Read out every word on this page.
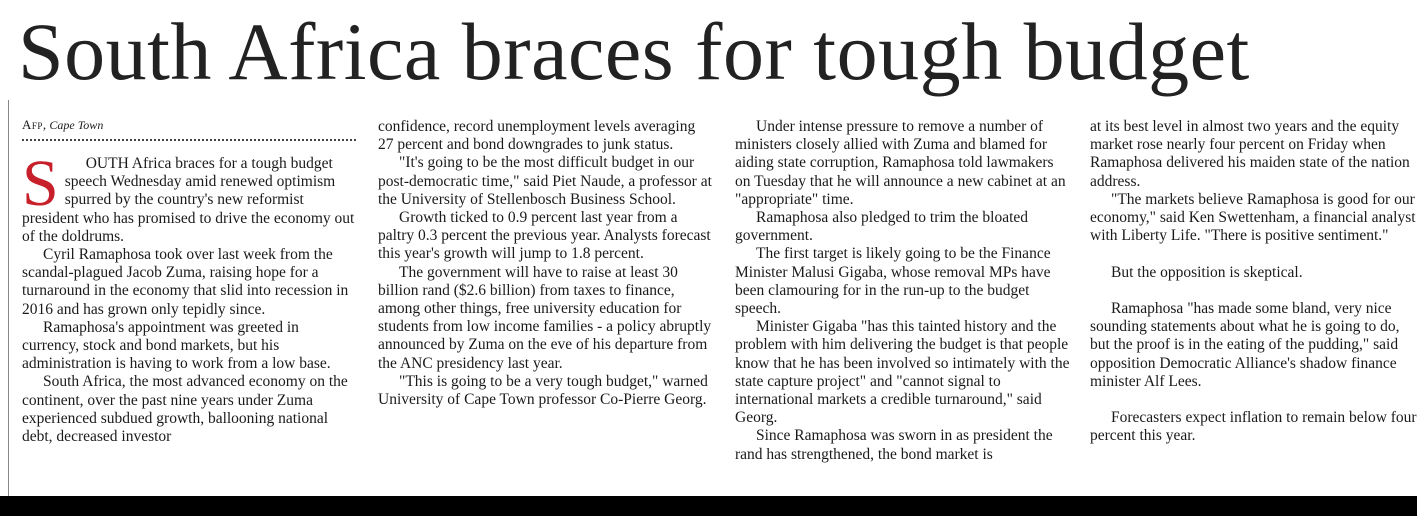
South Africa braces for tough budget
Afp, Cape Town

S OUTH Africa braces for a tough budget speech Wednesday amid renewed optimism spurred by the country's new reformist president who has promised to drive the economy out of the doldrums.

Cyril Ramaphosa took over last week from the scandal-plagued Jacob Zuma, raising hope for a turnaround in the economy that slid into recession in 2016 and has grown only tepidly since.

Ramaphosa's appointment was greeted in currency, stock and bond markets, but his administration is having to work from a low base.

South Africa, the most advanced economy on the continent, over the past nine years under Zuma experienced subdued growth, ballooning national debt, decreased investor

confidence, record unemployment levels averaging 27 percent and bond downgrades to junk status.

"It's going to be the most difficult budget in our post-democratic time," said Piet Naude, a professor at the University of Stellenbosch Business School.

Growth ticked to 0.9 percent last year from a paltry 0.3 percent the previous year. Analysts forecast this year's growth will jump to 1.8 percent.

The government will have to raise at least 30 billion rand ($2.6 billion) from taxes to finance, among other things, free university education for students from low income families - a policy abruptly announced by Zuma on the eve of his departure from the ANC presidency last year.

"This is going to be a very tough budget," warned University of Cape Town professor Co-Pierre Georg.

Under intense pressure to remove a number of ministers closely allied with Zuma and blamed for aiding state corruption, Ramaphosa told lawmakers on Tuesday that he will announce a new cabinet at an "appropriate" time.

Ramaphosa also pledged to trim the bloated government.

The first target is likely going to be the Finance Minister Malusi Gigaba, whose removal MPs have been clamouring for in the run-up to the budget speech.

Minister Gigaba "has this tainted history and the problem with him delivering the budget is that people know that he has been involved so intimately with the state capture project" and "cannot signal to international markets a credible turnaround," said Georg.

Since Ramaphosa was sworn in as president the rand has strengthened, the bond market is

at its best level in almost two years and the equity market rose nearly four percent on Friday when Ramaphosa delivered his maiden state of the nation address.

"The markets believe Ramaphosa is good for our economy," said Ken Swettenham, a financial analyst with Liberty Life. "There is positive sentiment."

But the opposition is skeptical.

Ramaphosa "has made some bland, very nice sounding statements about what he is going to do, but the proof is in the eating of the pudding," said opposition Democratic Alliance's shadow finance minister Alf Lees.

Forecasters expect inflation to remain below four percent this year.
